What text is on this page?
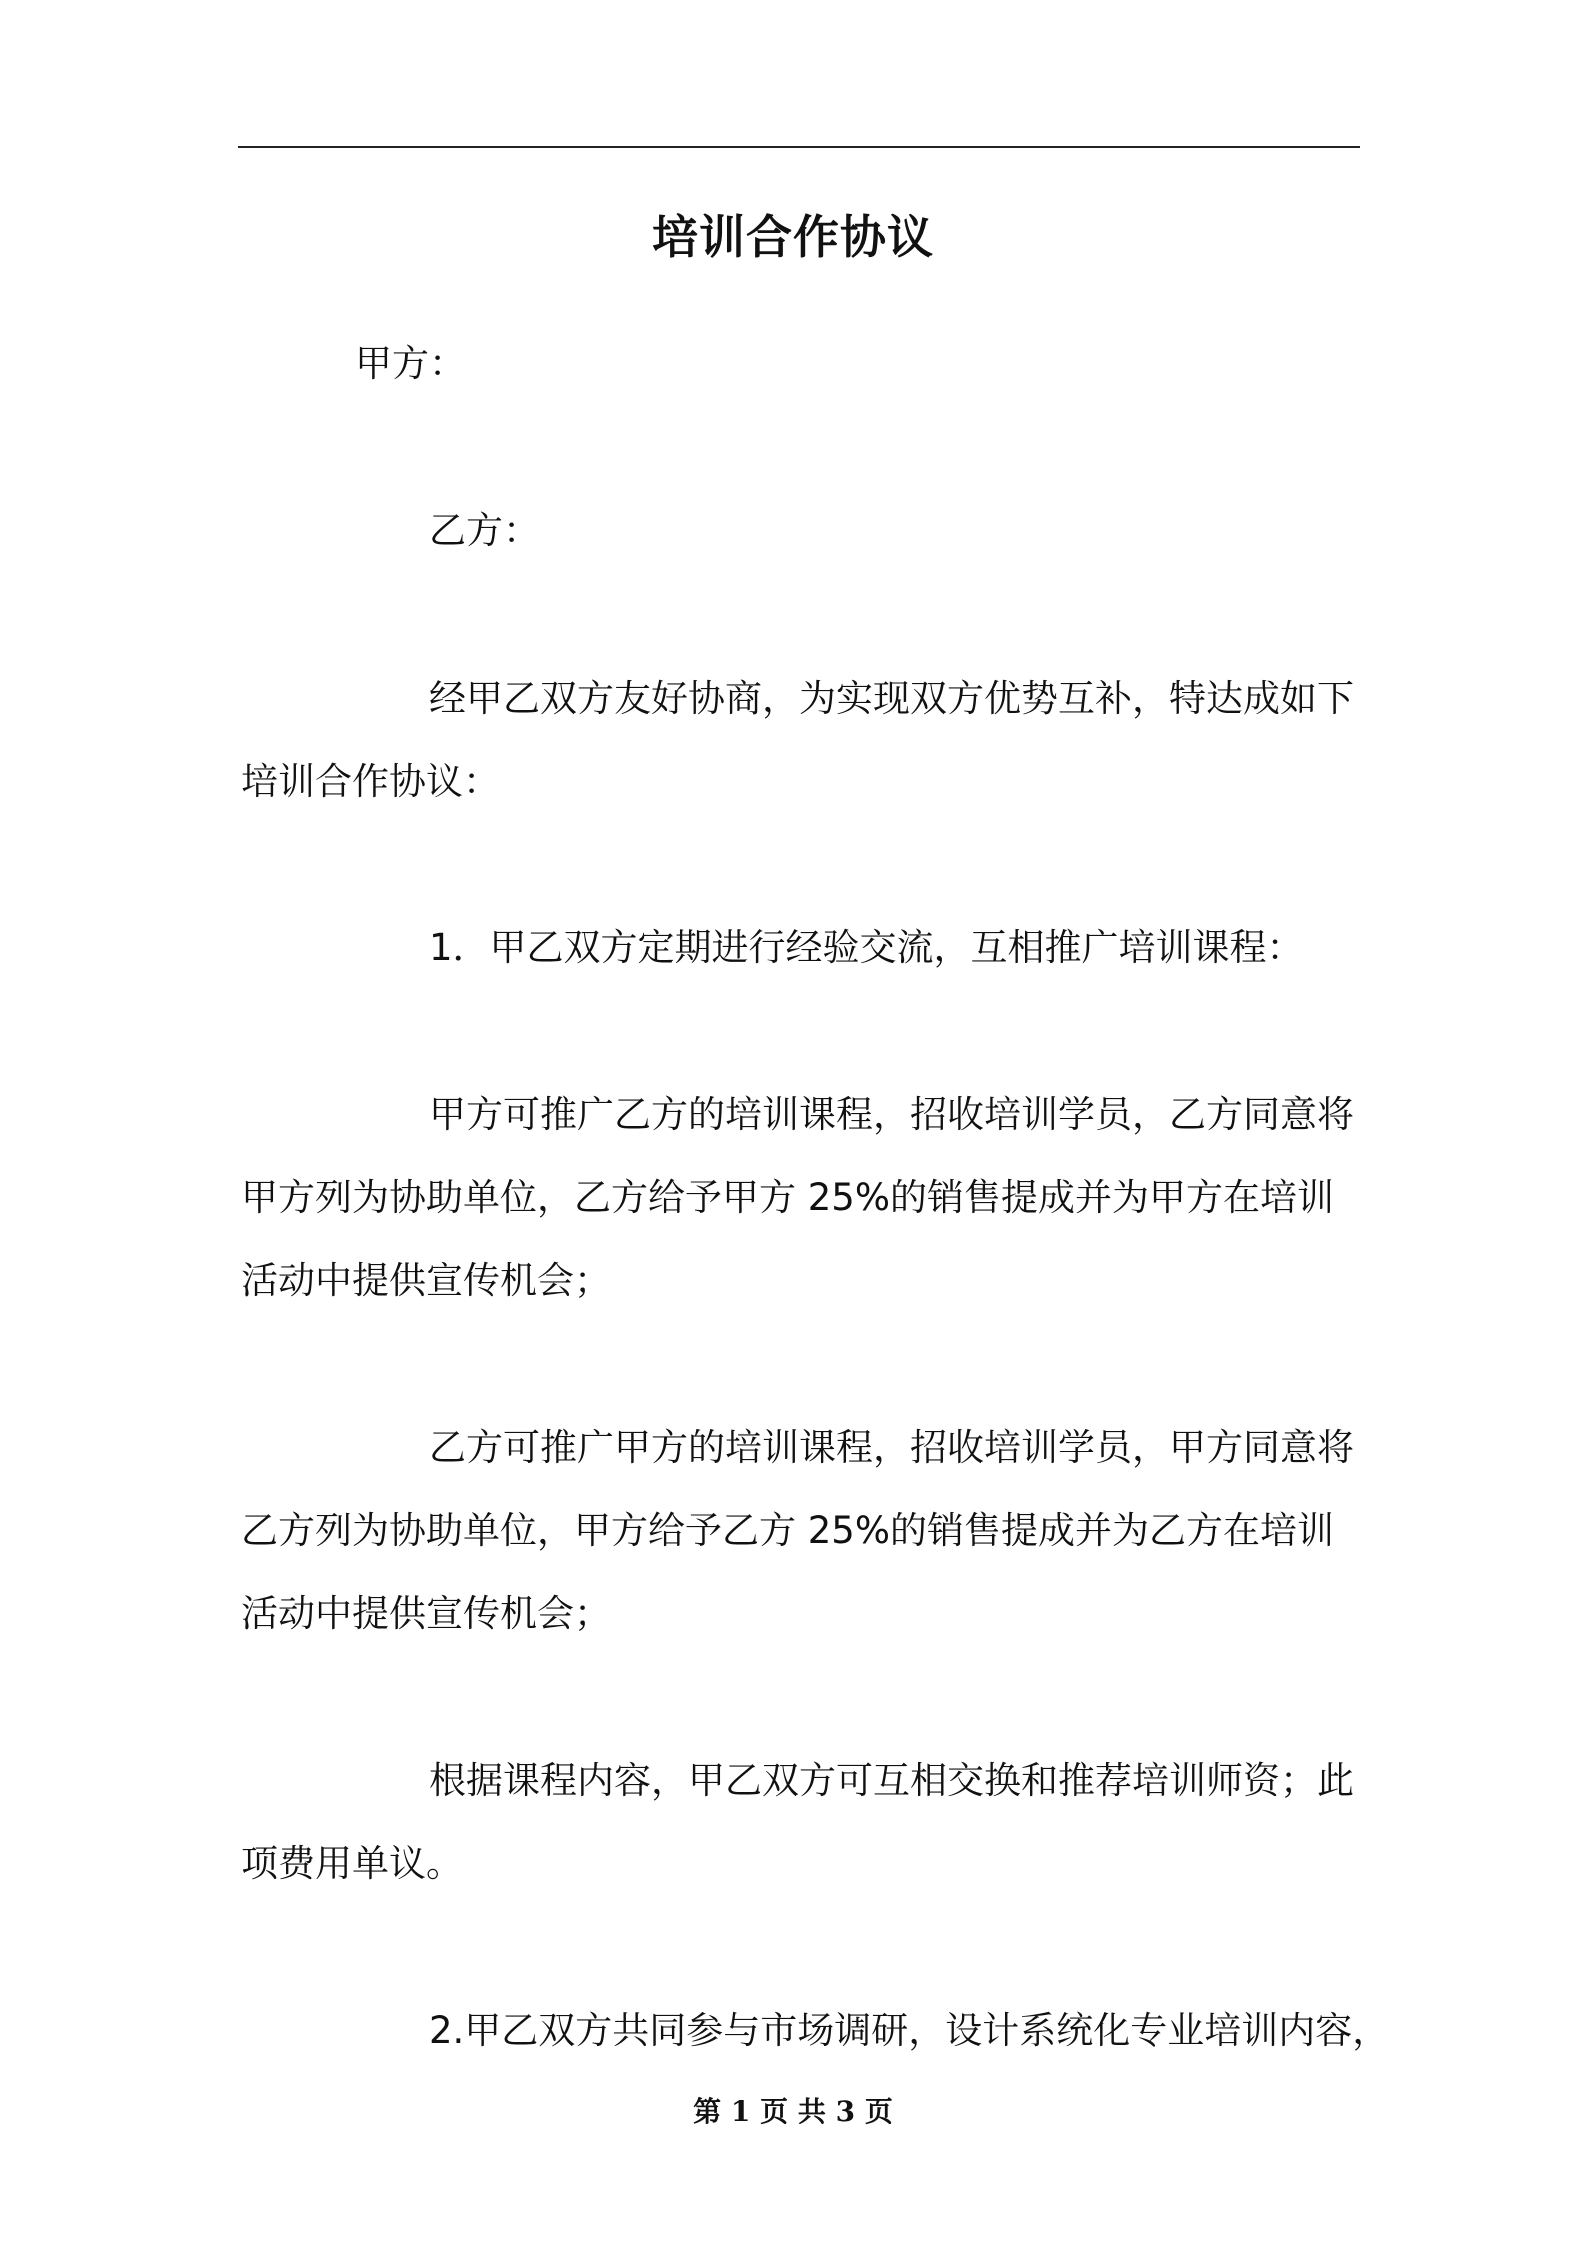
培训合作协议
甲方：
乙方：
经甲乙双方友好协商，为实现双方优势互补，特达成如下
培训合作协议：
1．甲乙双方定期进行经验交流，互相推广培训课程：
甲方可推广乙方的培训课程，招收培训学员，乙方同意将
甲方列为协助单位，乙方给予甲方 25%的销售提成并为甲方在培训
活动中提供宣传机会；
乙方可推广甲方的培训课程，招收培训学员，甲方同意将
乙方列为协助单位，甲方给予乙方 25%的销售提成并为乙方在培训
活动中提供宣传机会；
根据课程内容，甲乙双方可互相交换和推荐培训师资；此
项费用单议。
2.甲乙双方共同参与市场调研，设计系统化专业培训内容，
第 1 页 共 3 页
